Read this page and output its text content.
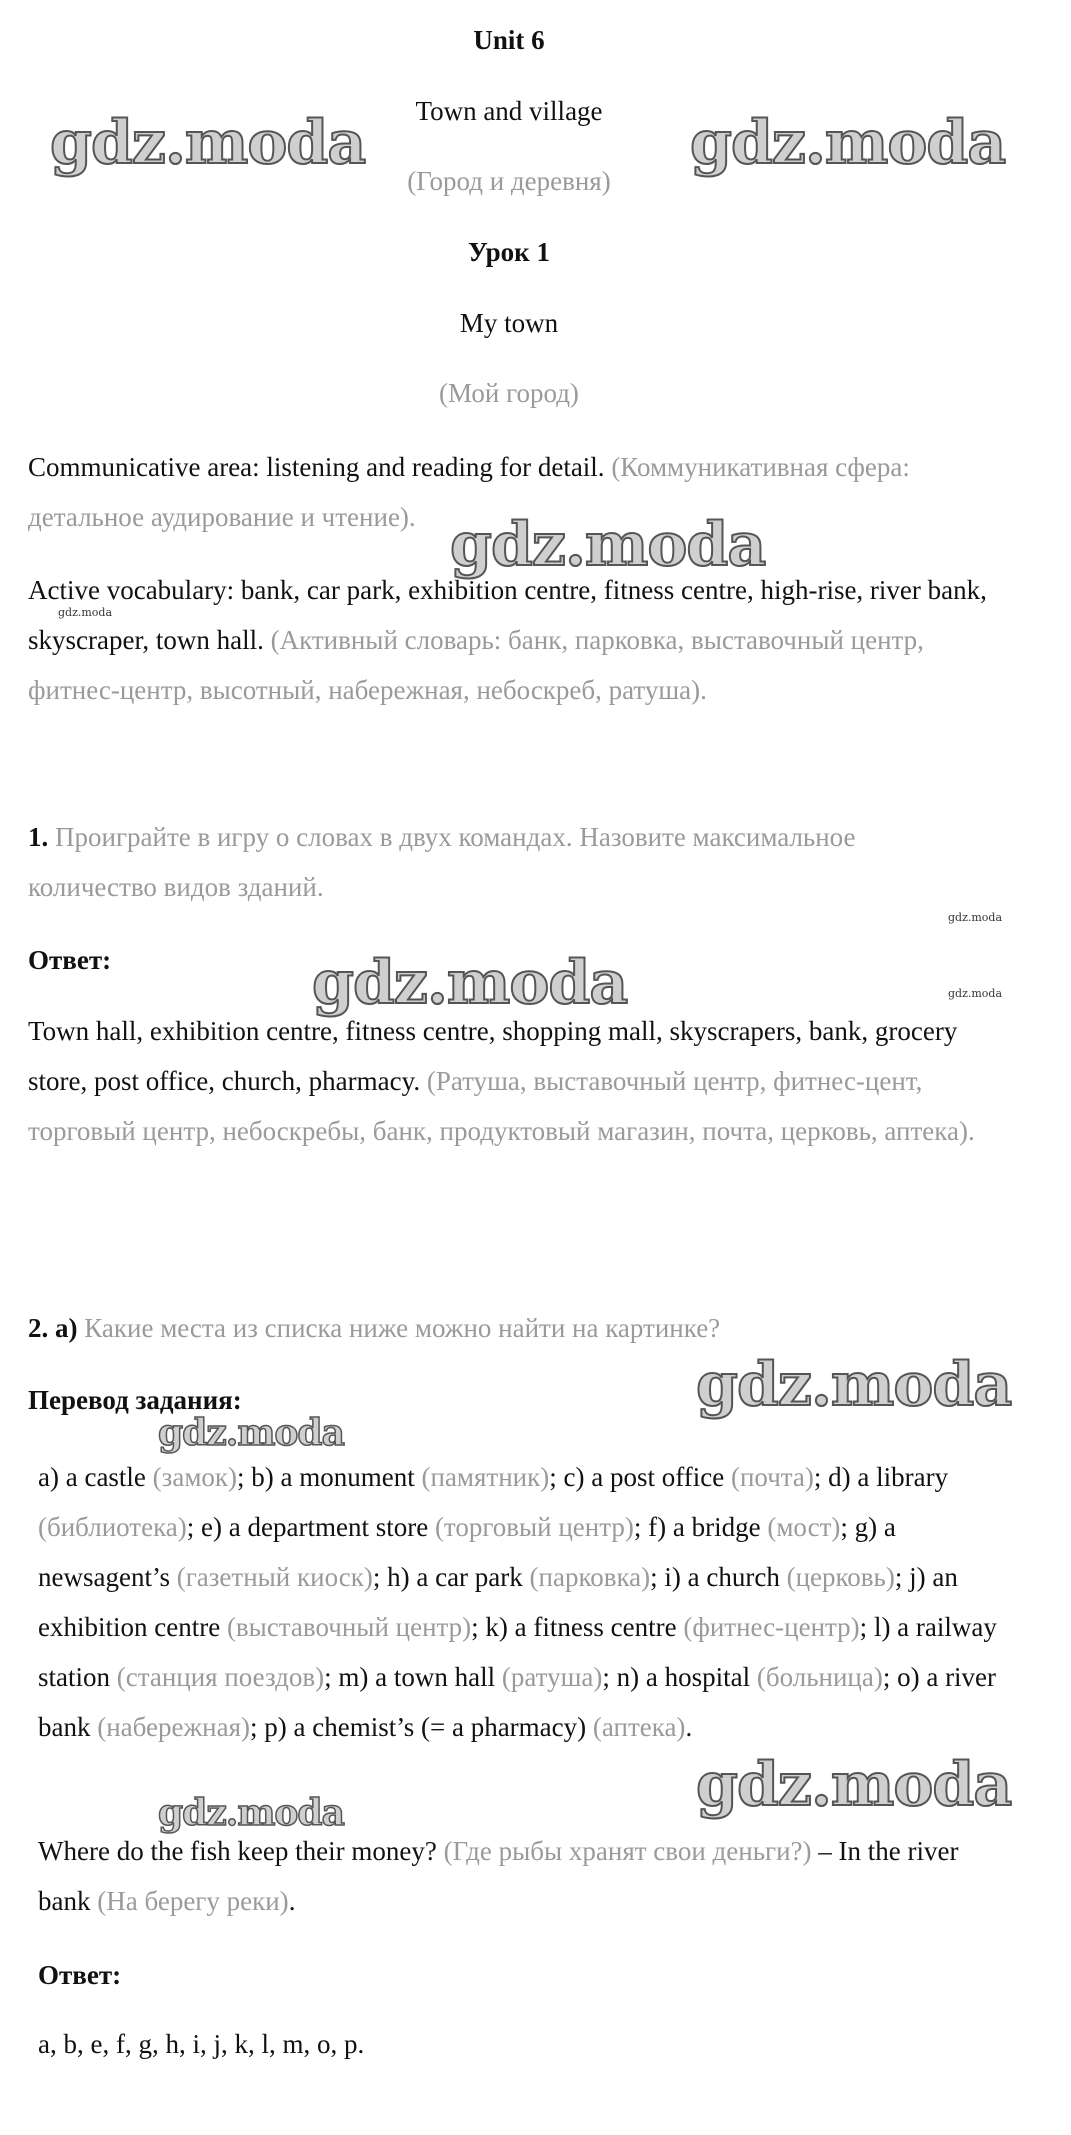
Unit 6
Town and village
(Город и деревня)
Урок 1
My town
(Мой город)
Communicative area: listening and reading for detail. (Коммуникативная сфера: детальное аудирование и чтение).
Active vocabulary: bank, car park, exhibition centre, fitness centre, high-rise, river bank, skyscraper, town hall. (Активный словарь: банк, парковка, выставочный центр, фитнес-центр, высотный, набережная, небоскреб, ратуша).
1. Проиграйте в игру о словах в двух командах. Назовите максимальное количество видов зданий.
Ответ:
Town hall, exhibition centre, fitness centre, shopping mall, skyscrapers, bank, grocery store, post office, church, pharmacy. (Ратуша, выставочный центр, фитнес-цент, торговый центр, небоскребы, банк, продуктовый магазин, почта, церковь, аптека).
2. а) Какие места из списка ниже можно найти на картинке?
Перевод задания:
a) a castle (замок); b) a monument (памятник); c) a post office (почта); d) a library (библиотека); e) a department store (торговый центр); f) a bridge (мост); g) a newsagent’s (газетный киоск); h) a car park (парковка); i) a church (церковь); j) an exhibition centre (выставочный центр); k) a fitness centre (фитнес-центр); l) a railway station (станция поездов); m) a town hall (ратуша); n) a hospital (больница); o) a river bank (набережная); p) a chemist’s (= a pharmacy) (аптека).
Where do the fish keep their money? (Где рыбы хранят свои деньги?) – In the river bank (На берегу реки).
Ответ:
a, b, e, f, g, h, i, j, k, l, m, o, p.
gdz.moda	gdz.moda
gdz.moda
gdz.moda
gdz.moda
gdz.moda
gdz.moda
gdz.moda
gdz.moda
gdz.moda
gdz.moda
